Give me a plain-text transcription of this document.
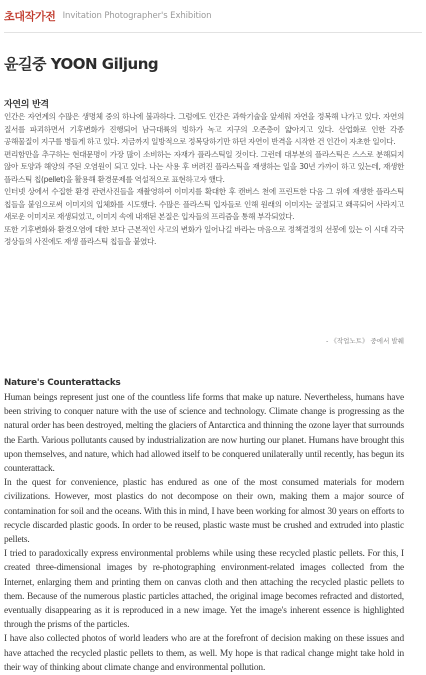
초대작가전 Invitation Photographer's Exhibition
윤길중 YOON Giljung
자연의 반격

인간은 자연계의 수많은 생명체 중의 하나에 불과하다. 그럼에도 인간은 과학기술을 앞세워 자연을 정복해 나가고 있다. 자연의 질서를 파괴하면서 기후변화가 진행되어 남극대륙의 빙하가 녹고 지구의 오존층이 얇아지고 있다. 산업화로 인한 각종 공해물질이 지구를 병들게 하고 있다. 지금까지 일방적으로 정복당하기만 하던 자연이 반격을 시작한 건 인간이 자초한 일이다.

편리함만을 추구하는 현대문명이 가장 많이 소비하는 자재가 플라스틱일 것이다. 그런데 대부분의 플라스틱은 스스로 분해되지 않아 토양과 해양의 주된 오염원이 되고 있다. 나는 사용 후 버려진 플라스틱을 재생하는 일을 30년 가까이 하고 있는데, 재생한 플라스틱 칩(pellet)을 활용해 환경문제를 역설적으로 표현하고자 했다.

인터넷 상에서 수집한 환경 관련사진들을 재촬영하여 이미지를 확대한 후 캔버스 천에 프린트한 다음 그 위에 재생한 플라스틱 칩들을 붙임으로써 이미지의 입체화를 시도했다. 수많은 플라스틱 입자들로 인해 원래의 이미지는 굴절되고 왜곡되어 사라지고 새로운 이미지로 재생되었고, 이미지 속에 내재된 본질은 입자들의 프리즘을 통해 부각되었다.

또한 기후변화와 환경오염에 대한 보다 근본적인 사고의 변화가 일어나길 바라는 마음으로 정책결정의 선봉에 있는 이 시대 각국 정상들의 사진에도 재생 플라스틱 칩들을 붙였다.

- 《작업노트》 중에서 발췌
Nature's Counterattacks

Human beings represent just one of the countless life forms that make up nature. Nevertheless, humans have been striving to conquer nature with the use of science and technology. Climate change is progressing as the natural order has been destroyed, melting the glaciers of Antarctica and thinning the ozone layer that surrounds the Earth. Various pollutants caused by industrialization are now hurting our planet. Humans have brought this upon themselves, and nature, which had allowed itself to be conquered unilaterally until recently, has begun its counterattack.

In the quest for convenience, plastic has endured as one of the most consumed materials for modern civilizations. However, most plastics do not decompose on their own, making them a major source of contamination for soil and the oceans. With this in mind, I have been working for almost 30 years on efforts to recycle discarded plastic goods. In order to be reused, plastic waste must be crushed and extruded into plastic pellets.

I tried to paradoxically express environmental problems while using these recycled plastic pellets. For this, I created three-dimensional images by re-photographing environment-related images collected from the Internet, enlarging them and printing them on canvas cloth and then attaching the recycled plastic pellets to them. Because of the numerous plastic particles attached, the original image becomes refracted and distorted, eventually disappearing as it is reproduced in a new image. Yet the image's inherent essence is highlighted through the prisms of the particles.

I have also collected photos of world leaders who are at the forefront of decision making on these issues and have attached the recycled plastic pellets to them, as well. My hope is that radical change might take hold in their way of thinking about climate change and environmental pollution.
